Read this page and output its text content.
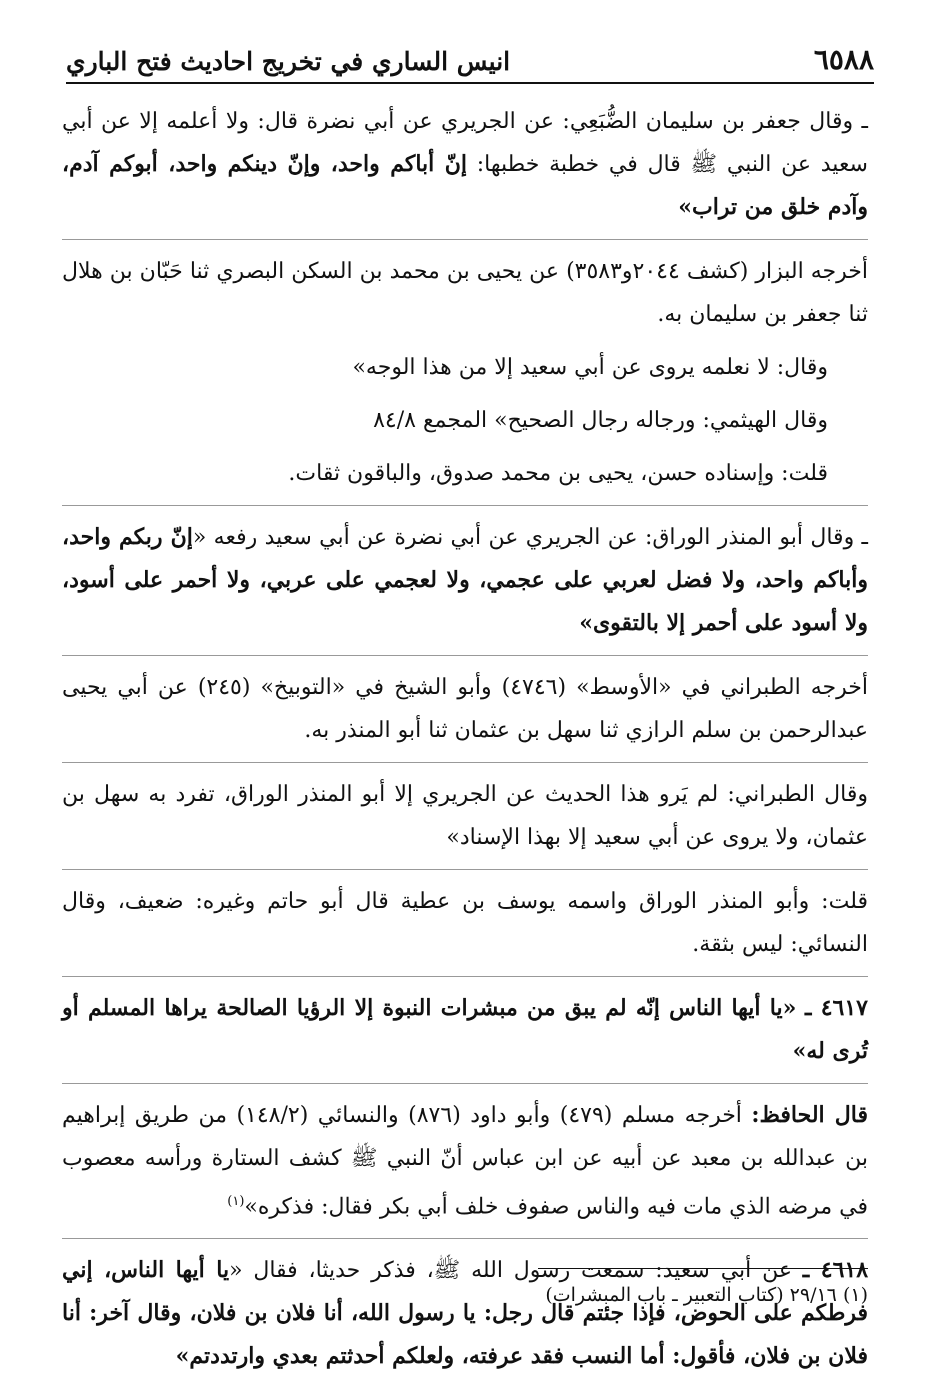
٦٥٨٨
انيس الساري في تخريج احاديث فتح الباري

ـ وقال جعفر بن سليمان الضُّبَعِي: عن الجريري عن أبي نضرة قال: ولا أعلمه إلا عن أبي سعيد عن النبي ﷺ قال في خطبة خطبها: إنّ أباكم واحد، وإنّ دينكم واحد، أبوكم آدم، وآدم خلق من تراب»

أخرجه البزار (كشف ٢٠٤٤و٣٥٨٣) عن يحيى بن محمد بن السكن البصري ثنا حَبّان بن هلال ثنا جعفر بن سليمان به.

وقال: لا نعلمه يروى عن أبي سعيد إلا من هذا الوجه»

وقال الهيثمي: ورجاله رجال الصحيح» المجمع ٨٤/٨

قلت: وإسناده حسن، يحيى بن محمد صدوق، والباقون ثقات.

ـ وقال أبو المنذر الوراق: عن الجريري عن أبي نضرة عن أبي سعيد رفعه «إنّ ربكم واحد، وأباكم واحد، ولا فضل لعربي على عجمي، ولا لعجمي على عربي، ولا أحمر على أسود، ولا أسود على أحمر إلا بالتقوى»

أخرجه الطبراني في «الأوسط» (٤٧٤٦) وأبو الشيخ في «التوبيخ» (٢٤٥) عن أبي يحيى عبدالرحمن بن سلم الرازي ثنا سهل بن عثمان ثنا أبو المنذر به.

وقال الطبراني: لم يَرو هذا الحديث عن الجريري إلا أبو المنذر الوراق، تفرد به سهل بن عثمان، ولا يروى عن أبي سعيد إلا بهذا الإسناد»

قلت: وأبو المنذر الوراق واسمه يوسف بن عطية قال أبو حاتم وغيره: ضعيف، وقال النسائي: ليس بثقة.

٤٦١٧ ـ «يا أيها الناس إنّه لم يبق من مبشرات النبوة إلا الرؤيا الصالحة يراها المسلم أو تُرى له»

قال الحافظ: أخرجه مسلم (٤٧٩) وأبو داود (٨٧٦) والنسائي (١٤٨/٢) من طريق إبراهيم بن عبدالله بن معبد عن أبيه عن ابن عباس أنّ النبي ﷺ كشف الستارة ورأسه معصوب في مرضه الذي مات فيه والناس صفوف خلف أبي بكر فقال: فذكره»$^{(١)}$

٤٦١٨ ـ عن أبي سعيد: سمعت رسول الله ﷺ، فذكر حديثا، فقال «يا أيها الناس، إني فرطكم على الحوض، فإذا جئتم قال رجل: يا رسول الله، أنا فلان بن فلان، وقال آخر: أنا فلان بن فلان، فأقول: أما النسب فقد عرفته، ولعلكم أحدثتم بعدي وارتددتم»

(١) ٢٩/١٦ (كتاب التعبير ـ باب المبشرات)
